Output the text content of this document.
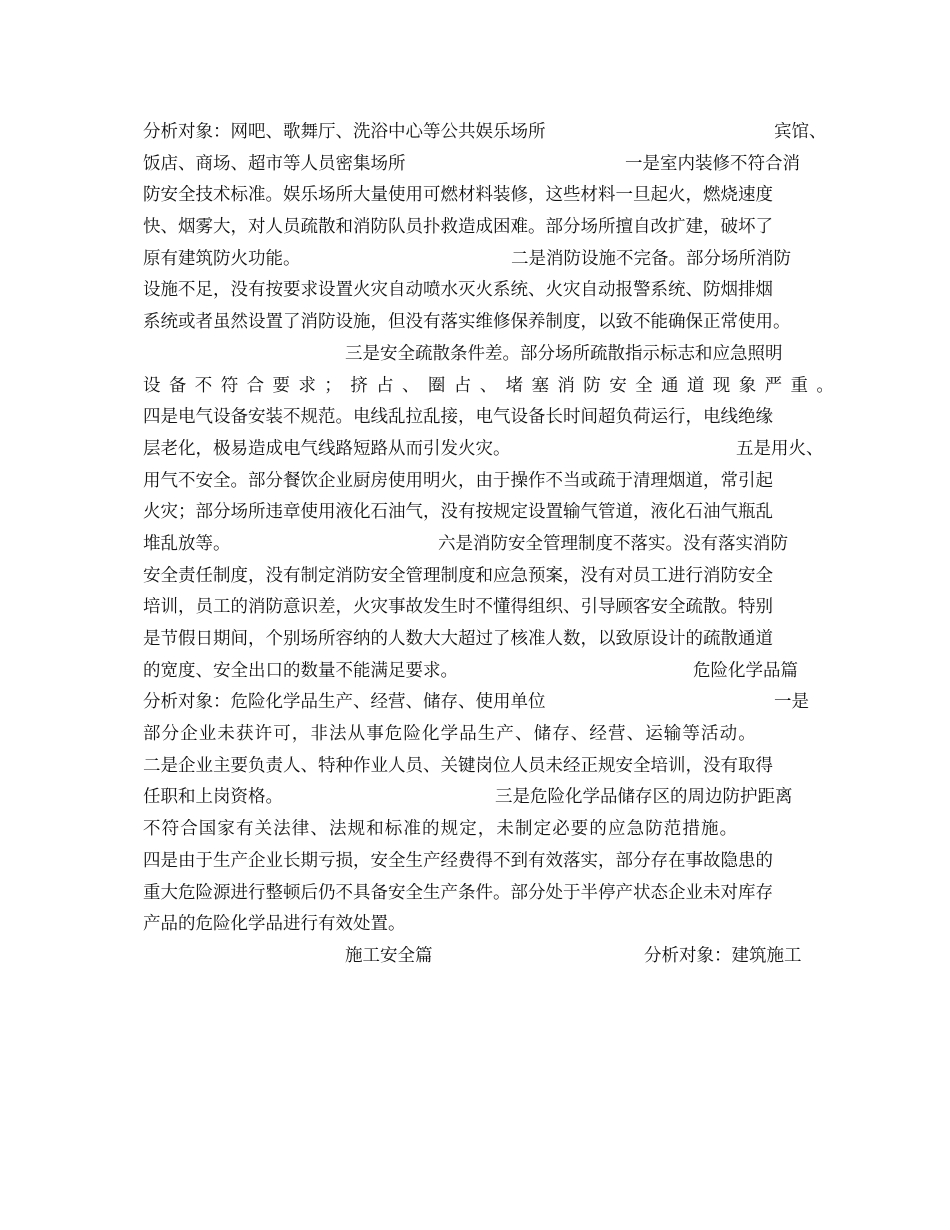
分析对象：网吧、歌舞厅、洗浴中心等公共娱乐场所	宾馆、
饭店、商场、超市等人员密集场所	一是室内装修不符合消
防安全技术标准。娱乐场所大量使用可燃材料装修，这些材料一旦起火，燃烧速度
快、烟雾大，对人员疏散和消防队员扑救造成困难。部分场所擅自改扩建，破坏了
原有建筑防火功能。	二是消防设施不完备。部分场所消防
设施不足，没有按要求设置火灾自动喷水灭火系统、火灾自动报警系统、防烟排烟
系统或者虽然设置了消防设施，但没有落实维修保养制度，以致不能确保正常使用。
三是安全疏散条件差。部分场所疏散指示标志和应急照明
设备不符合要求；挤占、圈占、堵塞消防安全通道现象严重。
四是电气设备安装不规范。电线乱拉乱接，电气设备长时间超负荷运行，电线绝缘
层老化，极易造成电气线路短路从而引发火灾。	五是用火、
用气不安全。部分餐饮企业厨房使用明火，由于操作不当或疏于清理烟道，常引起
火灾；部分场所违章使用液化石油气，没有按规定设置输气管道，液化石油气瓶乱
堆乱放等。	六是消防安全管理制度不落实。没有落实消防
安全责任制度，没有制定消防安全管理制度和应急预案，没有对员工进行消防安全
培训，员工的消防意识差，火灾事故发生时不懂得组织、引导顾客安全疏散。特别
是节假日期间，个别场所容纳的人数大大超过了核准人数，以致原设计的疏散通道
的宽度、安全出口的数量不能满足要求。	危险化学品篇
分析对象：危险化学品生产、经营、储存、使用单位	一是
部分企业未获许可，非法从事危险化学品生产、储存、经营、运输等活动。
二是企业主要负责人、特种作业人员、关键岗位人员未经正规安全培训，没有取得
任职和上岗资格。	三是危险化学品储存区的周边防护距离
不符合国家有关法律、法规和标准的规定，未制定必要的应急防范措施。
四是由于生产企业长期亏损，安全生产经费得不到有效落实，部分存在事故隐患的
重大危险源进行整顿后仍不具备安全生产条件。部分处于半停产状态企业未对库存
产品的危险化学品进行有效处置。
施工安全篇	分析对象：建筑施工
